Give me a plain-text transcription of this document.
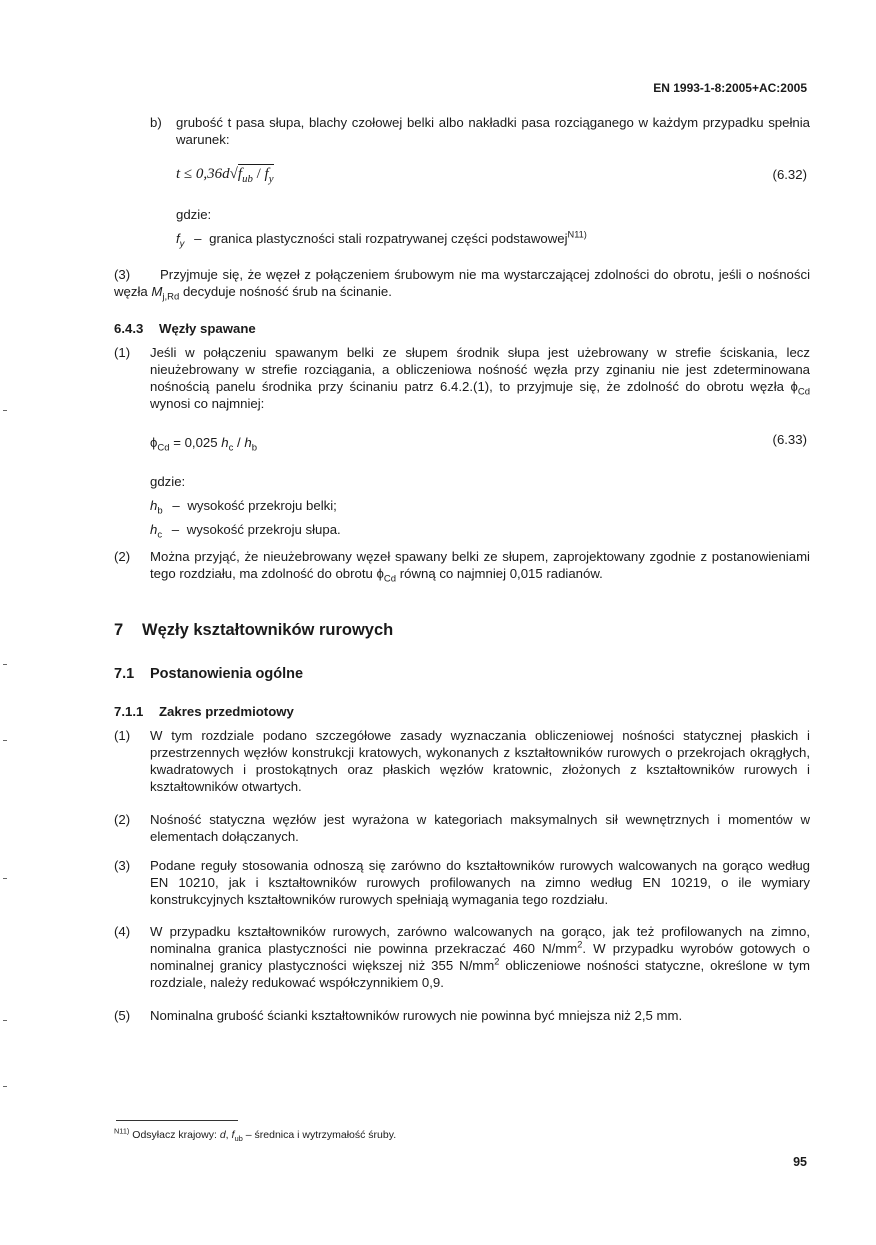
EN 1993-1-8:2005+AC:2005
b) grubość t pasa słupa, blachy czołowej belki albo nakładki pasa rozciąganego w każdym przypadku spełnia warunek:
$t \le 0,36d√f_{ub} / f_y$	(6.32)
gdzie:
$f_y$ – granica plastyczności stali rozpatrywanej części podstawowej$^{N11)}$
(3) Przyjmuje się, że węzeł z połączeniem śrubowym nie ma wystarczającej zdolności do obrotu, jeśli o nośności węzła $M_{j,Rd}$ decyduje nośność śrub na ścinanie.
6.4.3 Węzły spawane
(1) Jeśli w połączeniu spawanym belki ze słupem środnik słupa jest użebrowany w strefie ściskania, lecz nieużebrowany w strefie rozciągania, a obliczeniowa nośność węzła przy zginaniu nie jest zdeterminowana nośnością panelu środnika przy ścinaniu patrz 6.4.2.(1), to przyjmuje się, że zdolność do obrotu węzła $\phi_{Cd}$ wynosi co najmniej:
$\phi_{Cd} = 0,025$ $h_c / h_b$
(6.33)
gdzie:
$h_b$ – wysokość przekroju belki;
$h_c$ – wysokość przekroju słupa.
(2) Można przyjąć, że nieużebrowany węzeł spawany belki ze słupem, zaprojektowany zgodnie z postanowieniami tego rozdziału, ma zdolność do obrotu $\phi_{Cd}$ równą co najmniej 0,015 radianów.
7 Węzły kształtowników rurowych
7.1 Postanowienia ogólne
7.1.1 Zakres przedmiotowy
(1) W tym rozdziale podano szczegółowe zasady wyznaczania obliczeniowej nośności statycznej płaskich i przestrzennych węzłów konstrukcji kratowych, wykonanych z kształtowników rurowych o przekrojach okrągłych, kwadratowych i prostokątnych oraz płaskich węzłów kratownic, złożonych z kształtowników rurowych i kształtowników otwartych.
(2) Nośność statyczna węzłów jest wyrażona w kategoriach maksymalnych sił wewnętrznych i momentów w elementach dołączanych.
(3) Podane reguły stosowania odnoszą się zarówno do kształtowników rurowych walcowanych na gorąco według EN 10210, jak i kształtowników rurowych profilowanych na zimno według EN 10219, o ile wymiary konstrukcyjnych kształtowników rurowych spełniają wymagania tego rozdziału.
(4) W przypadku kształtowników rurowych, zarówno walcowanych na gorąco, jak też profilowanych na zimno, nominalna granica plastyczności nie powinna przekraczać 460 $N/mm^2$. W przypadku wyrobów gotowych o nominalnej granicy plastyczności większej niż 355 $N/mm^2$ obliczeniowe nośności statyczne, określone w tym rozdziale, należy redukować współczynnikiem 0,9.
(5) Nominalna grubość ścianki kształtowników rurowych nie powinna być mniejsza niż 2,5 mm.
$^{N11)}$ Odsyłacz krajowy: d, $f_{ub}$ – średnica i wytrzymałość śruby.
95
